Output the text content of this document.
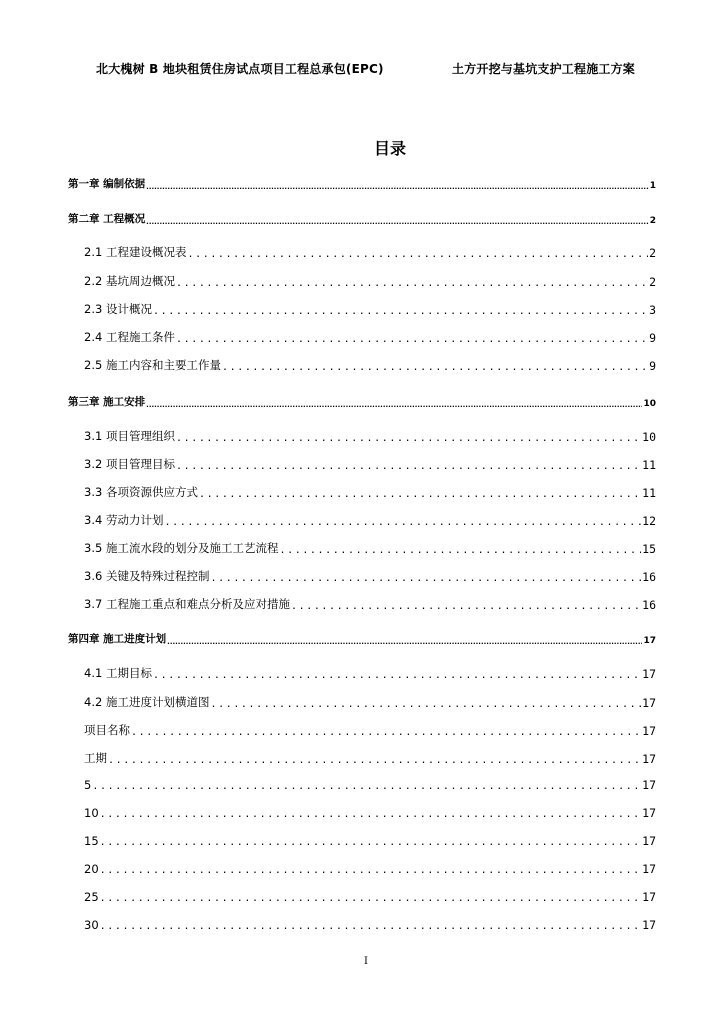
北大槐树 B 地块租赁住房试点项目工程总承包(EPC)	土方开挖与基坑支护工程施工方案
目录
第一章 编制依据 .....	1
第二章 工程概况 .....	2
2.1 工程建设概况表 .....	2
2.2 基坑周边概况 .....	2
2.3 设计概况 .....	3
2.4 工程施工条件 .....	9
2.5 施工内容和主要工作量 .....	9
第三章 施工安排 .....	10
3.1 项目管理组织 .....	10
3.2 项目管理目标 .....	11
3.3 各项资源供应方式 .....	11
3.4 劳动力计划 .....	12
3.5 施工流水段的划分及施工工艺流程 .....	15
3.6 关键及特殊过程控制 .....	16
3.7 工程施工重点和难点分析及应对措施 .....	16
第四章 施工进度计划 .....	17
4.1 工期目标 .....	17
4.2 施工进度计划横道图 .....	17
项目名称 .....	17
工期 .....	17
5 .....	17
10 .....	17
15 .....	17
20 .....	17
25 .....	17
30 .....	17
I
